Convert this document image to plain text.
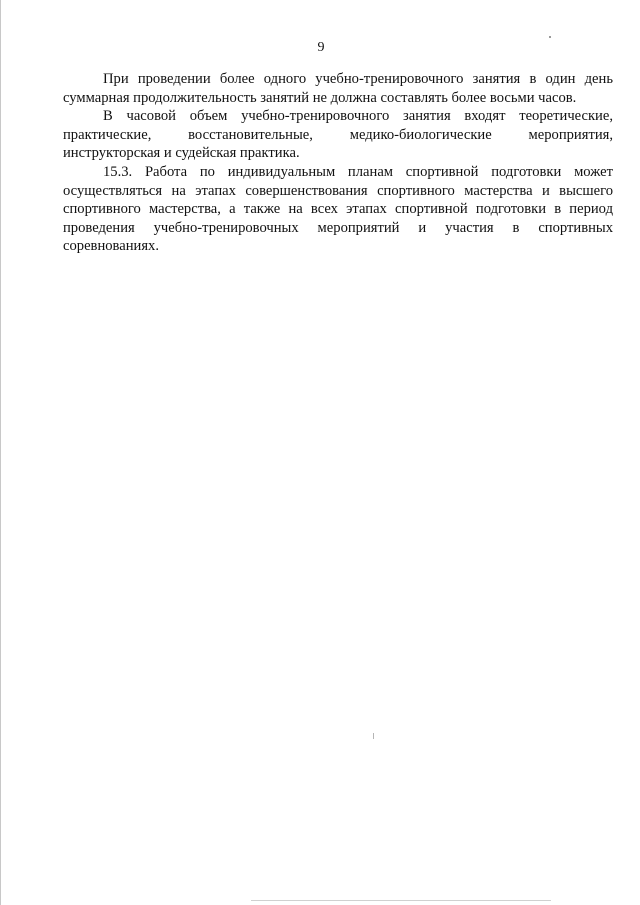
9

При проведении более одного учебно-тренировочного занятия в один день суммарная продолжительность занятий не должна составлять более восьми часов.

В часовой объем учебно-тренировочного занятия входят теоретические, практические, восстановительные, медико-биологические мероприятия, инструкторская и судейская практика.

15.3. Работа по индивидуальным планам спортивной подготовки может осуществляться на этапах совершенствования спортивного мастерства и высшего спортивного мастерства, а также на всех этапах спортивной подготовки в период проведения учебно-тренировочных мероприятий и участия в спортивных соревнованиях.
